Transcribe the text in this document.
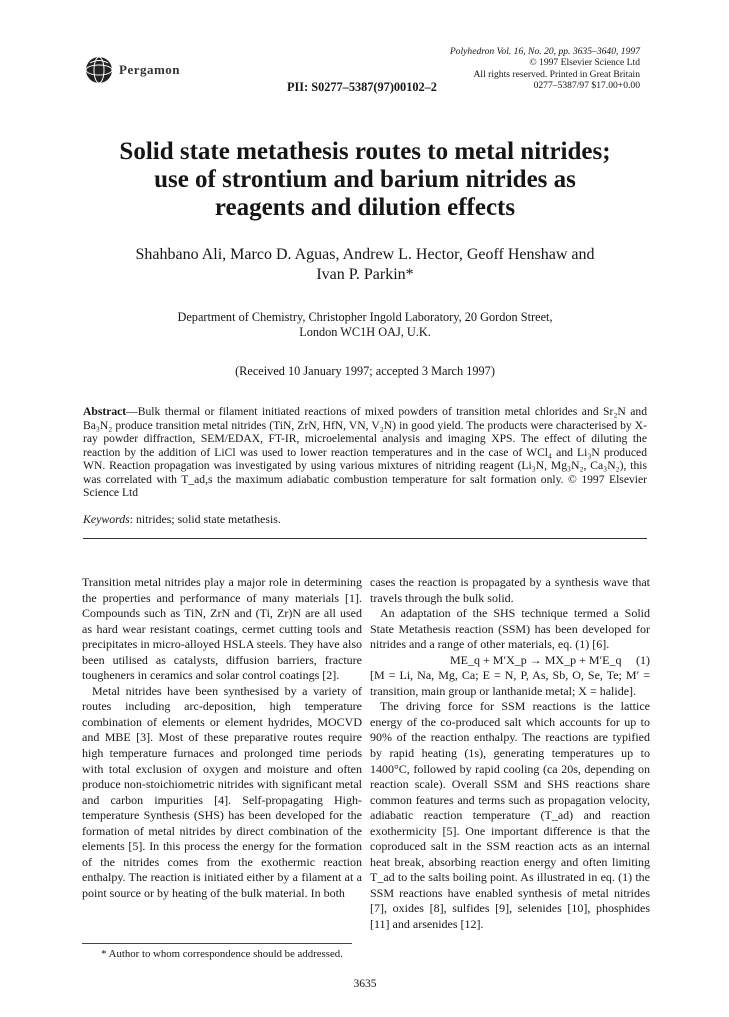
Pergamon
Polyhedron Vol. 16, No. 20, pp. 3635–3640, 1997
© 1997 Elsevier Science Ltd
All rights reserved. Printed in Great Britain
0277–5387/97 $17.00+0.00
PII: S0277–5387(97)00102–2
Solid state metathesis routes to metal nitrides;
use of strontium and barium nitrides as
reagents and dilution effects
Shahbano Ali, Marco D. Aguas, Andrew L. Hector, Geoff Henshaw and
Ivan P. Parkin*
Department of Chemistry, Christopher Ingold Laboratory, 20 Gordon Street,
London WC1H OAJ, U.K.
(Received 10 January 1997; accepted 3 March 1997)
Abstract—Bulk thermal or filament initiated reactions of mixed powders of transition metal chlorides and Sr₂N and Ba₃N₂ produce transition metal nitrides (TiN, ZrN, HfN, VN, V₂N) in good yield. The products were characterised by X-ray powder diffraction, SEM/EDAX, FT-IR, microelemental analysis and imaging XPS. The effect of diluting the reaction by the addition of LiCl was used to lower reaction temperatures and in the case of WCl₄ and Li₃N produced WN. Reaction propagation was investigated by using various mixtures of nitriding reagent (Li₃N, Mg₃N₂, Ca₃N₂), this was correlated with T_ad,s the maximum adiabatic combustion temperature for salt formation only. © 1997 Elsevier Science Ltd
Keywords: nitrides; solid state metathesis.

Transition metal nitrides play a major role in determining the properties and performance of many materials [1]. Compounds such as TiN, ZrN and (Ti, Zr)N are all used as hard wear resistant coatings, cermet cutting tools and precipitates in micro-alloyed HSLA steels. They have also been utilised as catalysts, diffusion barriers, fracture tougheners in ceramics and solar control coatings [2].

Metal nitrides have been synthesised by a variety of routes including arc-deposition, high temperature combination of elements or element hydrides, MOCVD and MBE [3]. Most of these preparative routes require high temperature furnaces and prolonged time periods with total exclusion of oxygen and moisture and often produce non-stoichiometric nitrides with significant metal and carbon impurities [4]. Self-propagating High-temperature Synthesis (SHS) has been developed for the formation of metal nitrides by direct combination of the elements [5]. In this process the energy for the formation of the nitrides comes from the exothermic reaction enthalpy. The reaction is initiated either by a filament at a point source or by heating of the bulk material. In both

cases the reaction is propagated by a synthesis wave that travels through the bulk solid.

An adaptation of the SHS technique termed a Solid State Metathesis reaction (SSM) has been developed for nitrides and a range of other materials, eq. (1) [6].

ME_q + M′X_p → MX_p + M′E_q (1)

[M = Li, Na, Mg, Ca; E = N, P, As, Sb, O, Se, Te; M′ = transition, main group or lanthanide metal; X = halide].

The driving force for SSM reactions is the lattice energy of the co-produced salt which accounts for up to 90% of the reaction enthalpy. The reactions are typified by rapid heating (1s), generating temperatures up to 1400°C, followed by rapid cooling (ca 20s, depending on reaction scale). Overall SSM and SHS reactions share common features and terms such as propagation velocity, adiabatic reaction temperature (T_ad) and reaction exothermicity [5]. One important difference is that the coproduced salt in the SSM reaction acts as an internal heat break, absorbing reaction energy and often limiting T_ad to the salts boiling point. As illustrated in eq. (1) the SSM reactions have enabled synthesis of metal nitrides [7], oxides [8], sulfides [9], selenides [10], phosphides [11] and arsenides [12].

* Author to whom correspondence should be addressed.
3635
